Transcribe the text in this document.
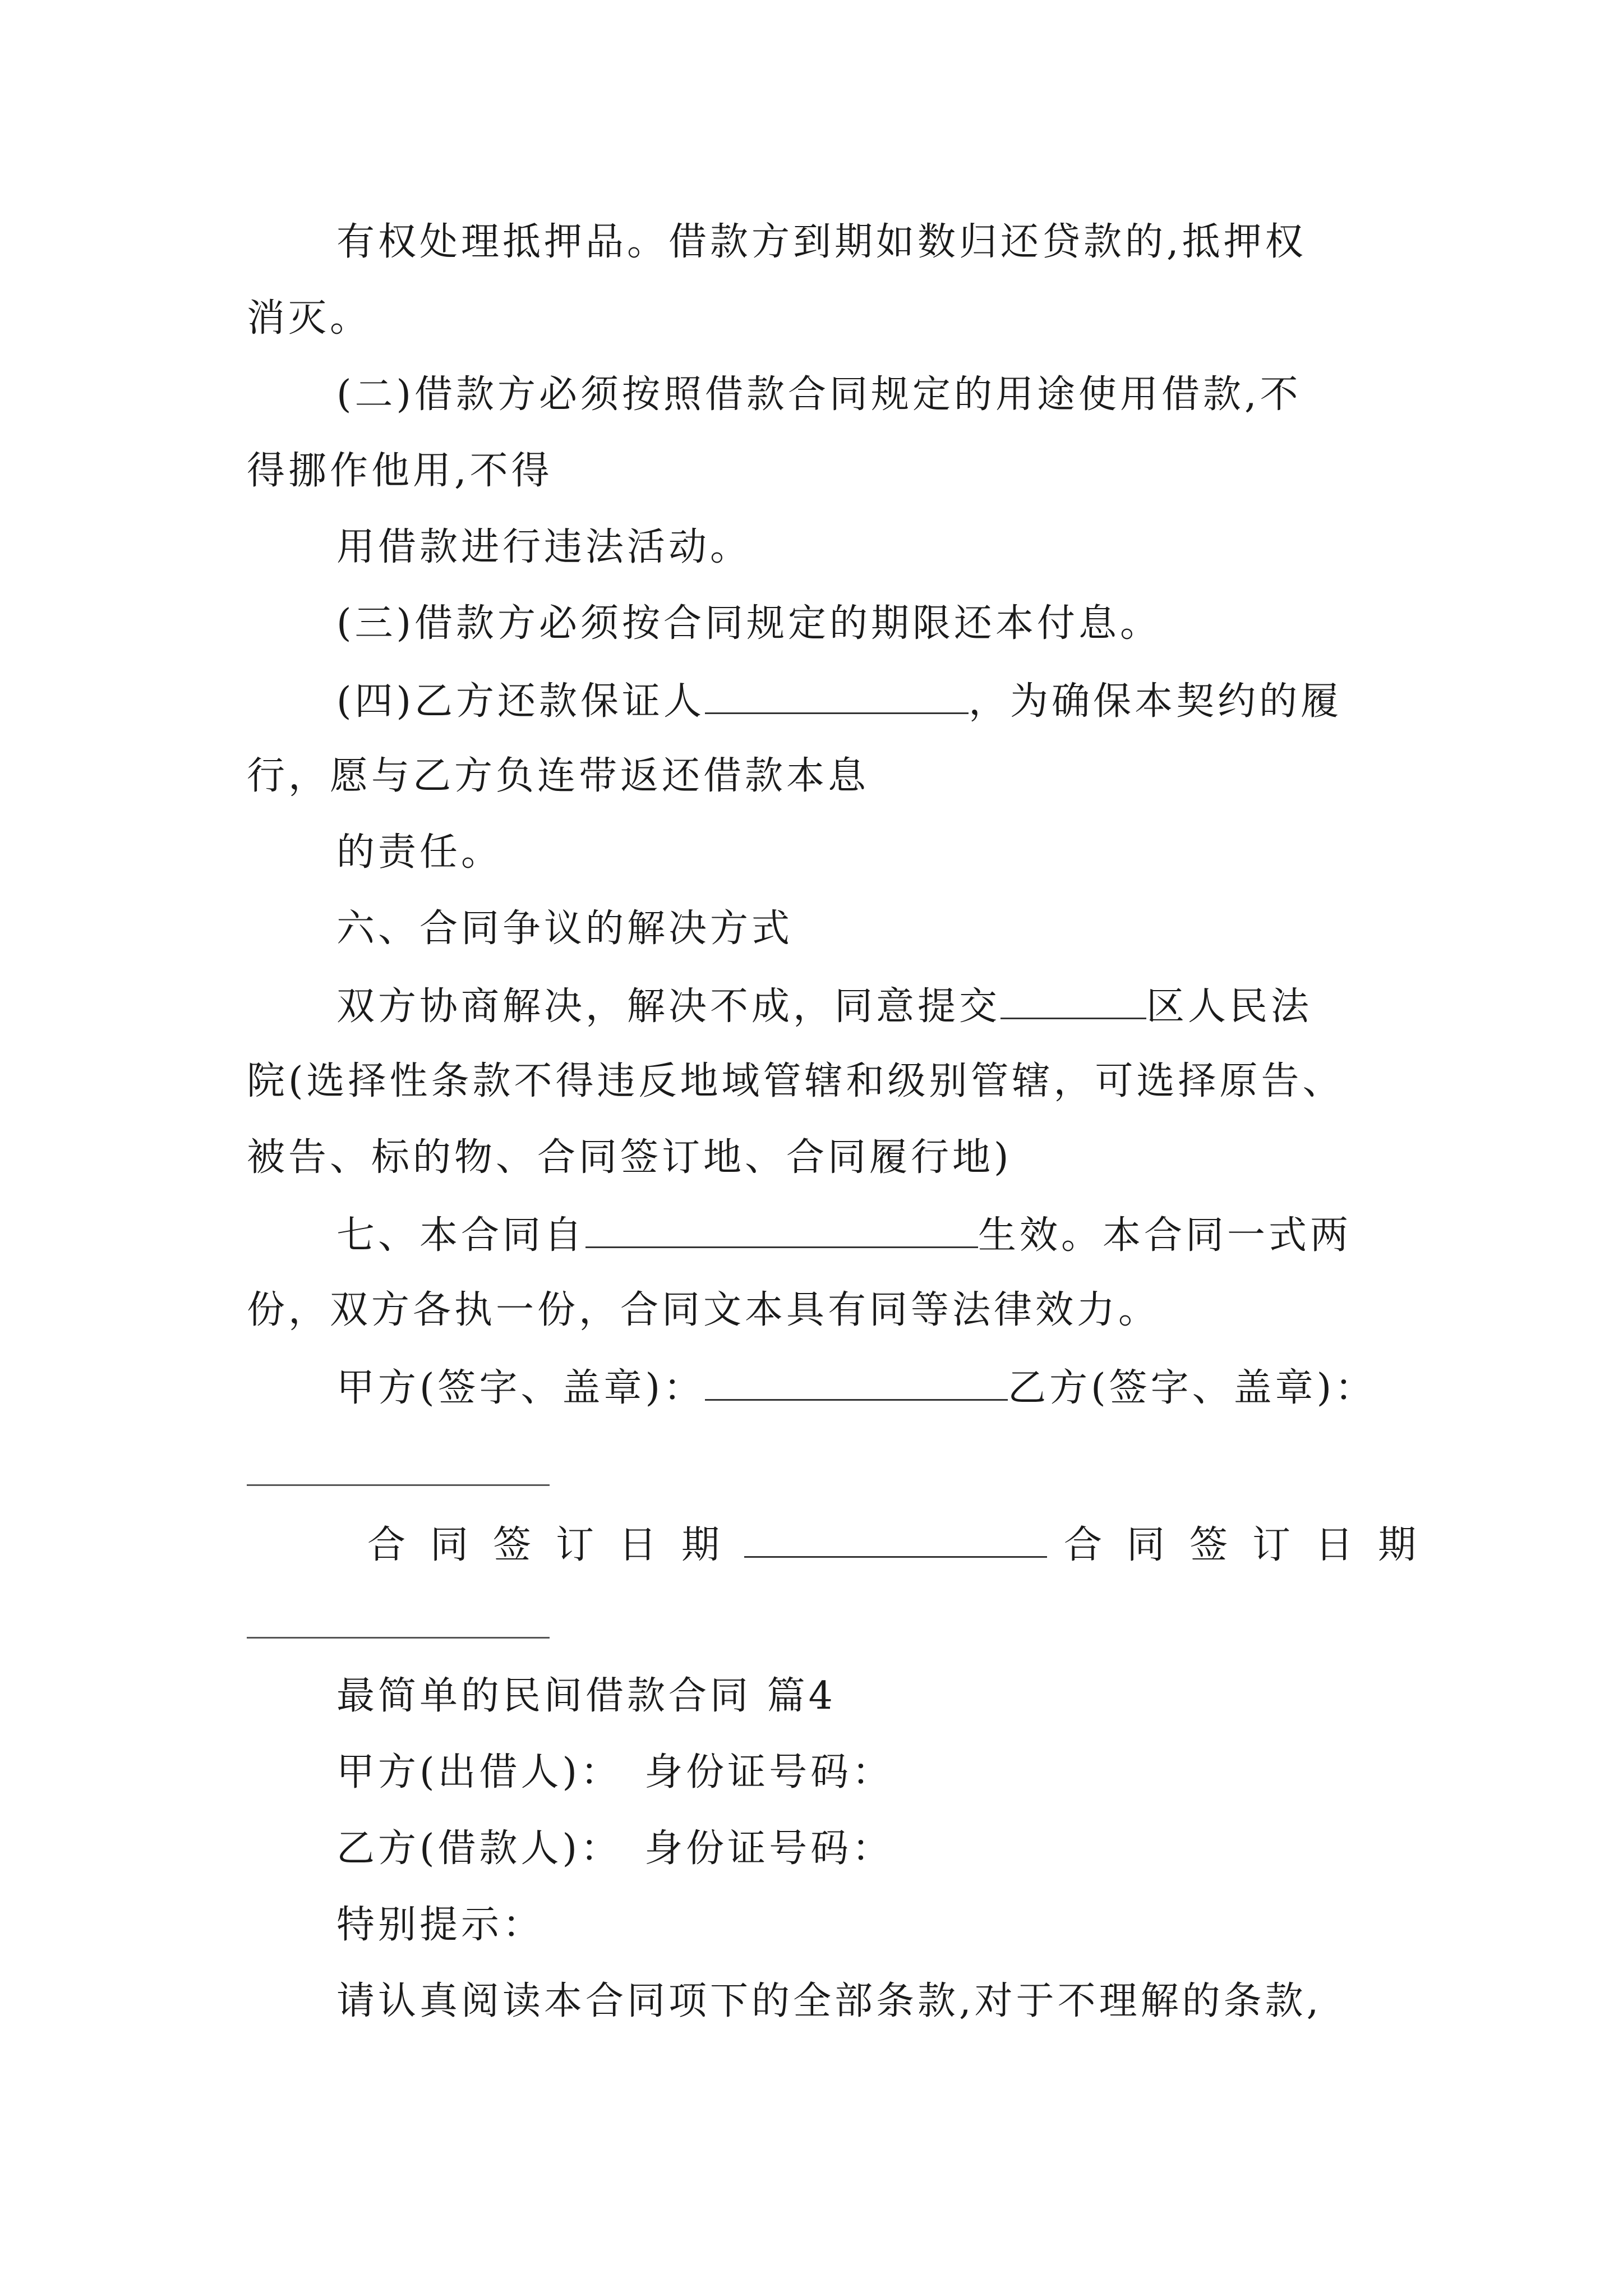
有权处理抵押品。借款方到期如数归还贷款的,抵押权
消灭。
(二)借款方必须按照借款合同规定的用途使用借款,不
得挪作他用,不得
用借款进行违法活动。
(三)借款方必须按合同规定的期限还本付息。
(四)乙方还款保证人	，为确保本契约的履
行，愿与乙方负连带返还借款本息
的责任。
六、合同争议的解决方式
双方协商解决，解决不成，同意提交	区人民法
院(选择性条款不得违反地域管辖和级别管辖，可选择原告、
被告、标的物、合同签订地、合同履行地)
七、本合同自	生效。本合同一式两
份，双方各执一份，合同文本具有同等法律效力。
甲方(签字、盖章)：	乙方(签字、盖章)：
合同签订日期	合同签订日期
最简单的民间借款合同 篇4
甲方(出借人)： 身份证号码：
乙方(借款人)： 身份证号码：
特别提示：
请认真阅读本合同项下的全部条款,对于不理解的条款,
